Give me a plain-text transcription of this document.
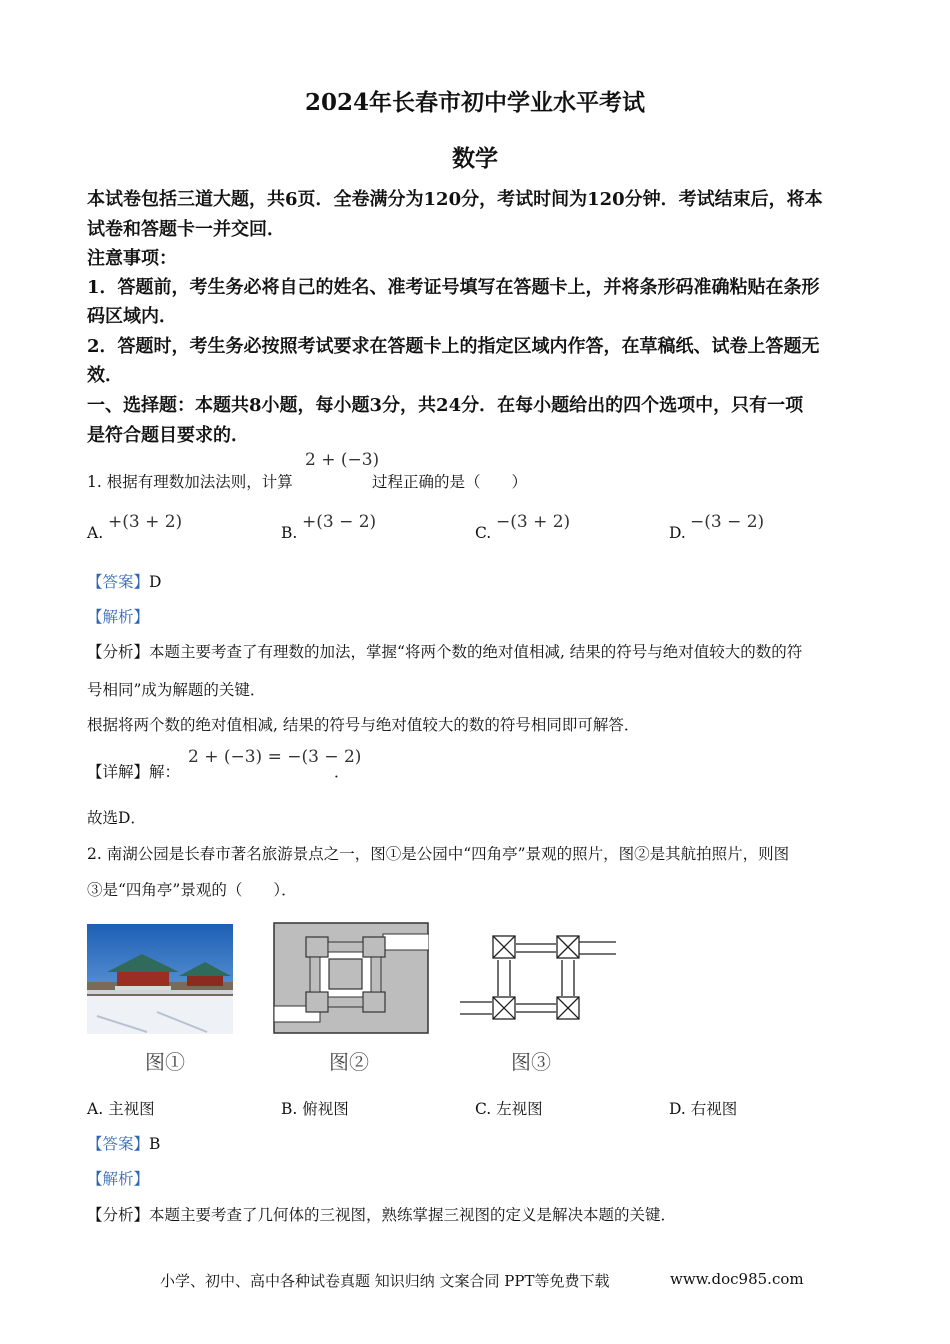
2024年长春市初中学业水平考试
数学
本试卷包括三道大题，共6页．全卷满分为120分，考试时间为120分钟．考试结束后，将本
试卷和答题卡一并交回．
注意事项：
1．答题前，考生务必将自己的姓名、准考证号填写在答题卡上，并将条形码准确粘贴在条形
码区域内．
2．答题时，考生务必按照考试要求在答题卡上的指定区域内作答，在草稿纸、试卷上答题无
效．
一、选择题：本题共8小题，每小题3分，共24分．在每小题给出的四个选项中，只有一项
是符合题目要求的．
1. 根据有理数加法法则，计算
2 + (−3)
过程正确的是（　　）
A.
+(3 + 2)
B.
+(3 − 2)
C.
−(3 + 2)
D.
−(3 − 2)
【答案】D
【解析】
【分析】本题主要考查了有理数的加法，掌握“将两个数的绝对值相减, 结果的符号与绝对值较大的数的符
号相同”成为解题的关键．
根据将两个数的绝对值相减, 结果的符号与绝对值较大的数的符号相同即可解答．
【详解】解：
2 + (−3) = −(3 − 2)
．
故选D．
2. 南湖公园是长春市著名旅游景点之一，图①是公园中“四角亭”景观的照片，图②是其航拍照片，则图
③是“四角亭”景观的（　　）．
图①	图②	图③
A. 主视图	B. 俯视图	C. 左视图	D. 右视图
【答案】B
【解析】
【分析】本题主要考查了几何体的三视图，熟练掌握三视图的定义是解决本题的关键．
小学、初中、高中各种试卷真题 知识归纳 文案合同 PPT等免费下载	www.doc985.com
